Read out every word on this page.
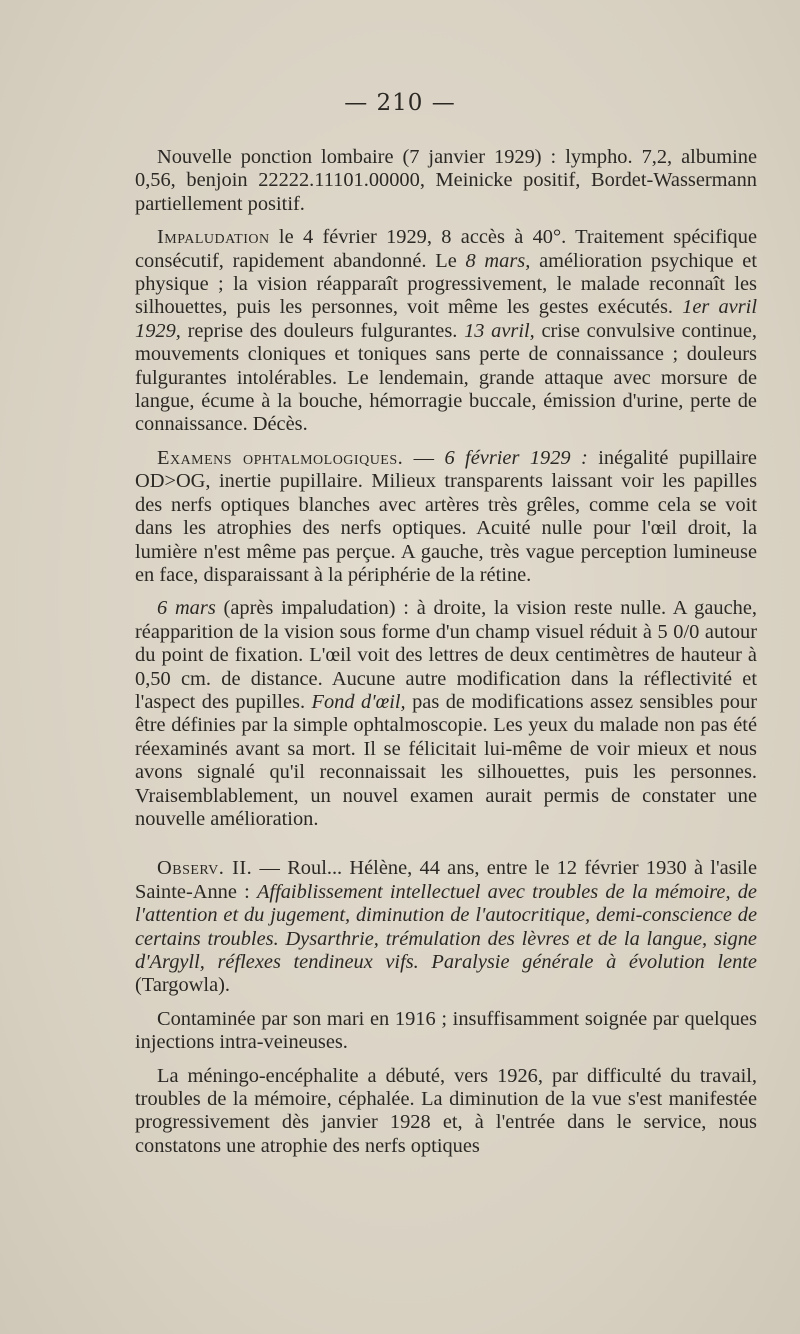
— 210 —

Nouvelle ponction lombaire (7 janvier 1929) : lympho. 7,2, albumine 0,56, benjoin 22222.11101.00000, Meinicke positif, Bordet-Wassermann partiellement positif.

Impaludation le 4 février 1929, 8 accès à 40°. Traitement spécifique consécutif, rapidement abandonné. Le 8 mars, amélioration psychique et physique ; la vision réapparaît progressivement, le malade reconnaît les silhouettes, puis les personnes, voit même les gestes exécutés. 1er avril 1929, reprise des douleurs fulgurantes. 13 avril, crise convulsive continue, mouvements cloniques et toniques sans perte de connaissance ; douleurs fulgurantes intolérables. Le lendemain, grande attaque avec morsure de langue, écume à la bouche, hémorragie buccale, émission d'urine, perte de connaissance. Décès.

Examens ophtalmologiques. — 6 février 1929 : inégalité pupillaire OD>OG, inertie pupillaire. Milieux transparents laissant voir les papilles des nerfs optiques blanches avec artères très grêles, comme cela se voit dans les atrophies des nerfs optiques. Acuité nulle pour l'œil droit, la lumière n'est même pas perçue. A gauche, très vague perception lumineuse en face, disparaissant à la périphérie de la rétine.

6 mars (après impaludation) : à droite, la vision reste nulle. A gauche, réapparition de la vision sous forme d'un champ visuel réduit à 5 0/0 autour du point de fixation. L'œil voit des lettres de deux centimètres de hauteur à 0,50 cm. de distance. Aucune autre modification dans la réflectivité et l'aspect des pupilles. Fond d'œil, pas de modifications assez sensibles pour être définies par la simple ophtalmoscopie. Les yeux du malade non pas été réexaminés avant sa mort. Il se félicitait lui-même de voir mieux et nous avons signalé qu'il reconnaissait les silhouettes, puis les personnes. Vraisemblablement, un nouvel examen aurait permis de constater une nouvelle amélioration.

Observ. II. — Roul... Hélène, 44 ans, entre le 12 février 1930 à l'asile Sainte-Anne : Affaiblissement intellectuel avec troubles de la mémoire, de l'attention et du jugement, diminution de l'autocritique, demi-conscience de certains troubles. Dysarthrie, trémulation des lèvres et de la langue, signe d'Argyll, réflexes tendineux vifs. Paralysie générale à évolution lente (Targowla).

Contaminée par son mari en 1916 ; insuffisamment soignée par quelques injections intra-veineuses.

La méningo-encéphalite a débuté, vers 1926, par difficulté du travail, troubles de la mémoire, céphalée. La diminution de la vue s'est manifestée progressivement dès janvier 1928 et, à l'entrée dans le service, nous constatons une atrophie des nerfs optiques
